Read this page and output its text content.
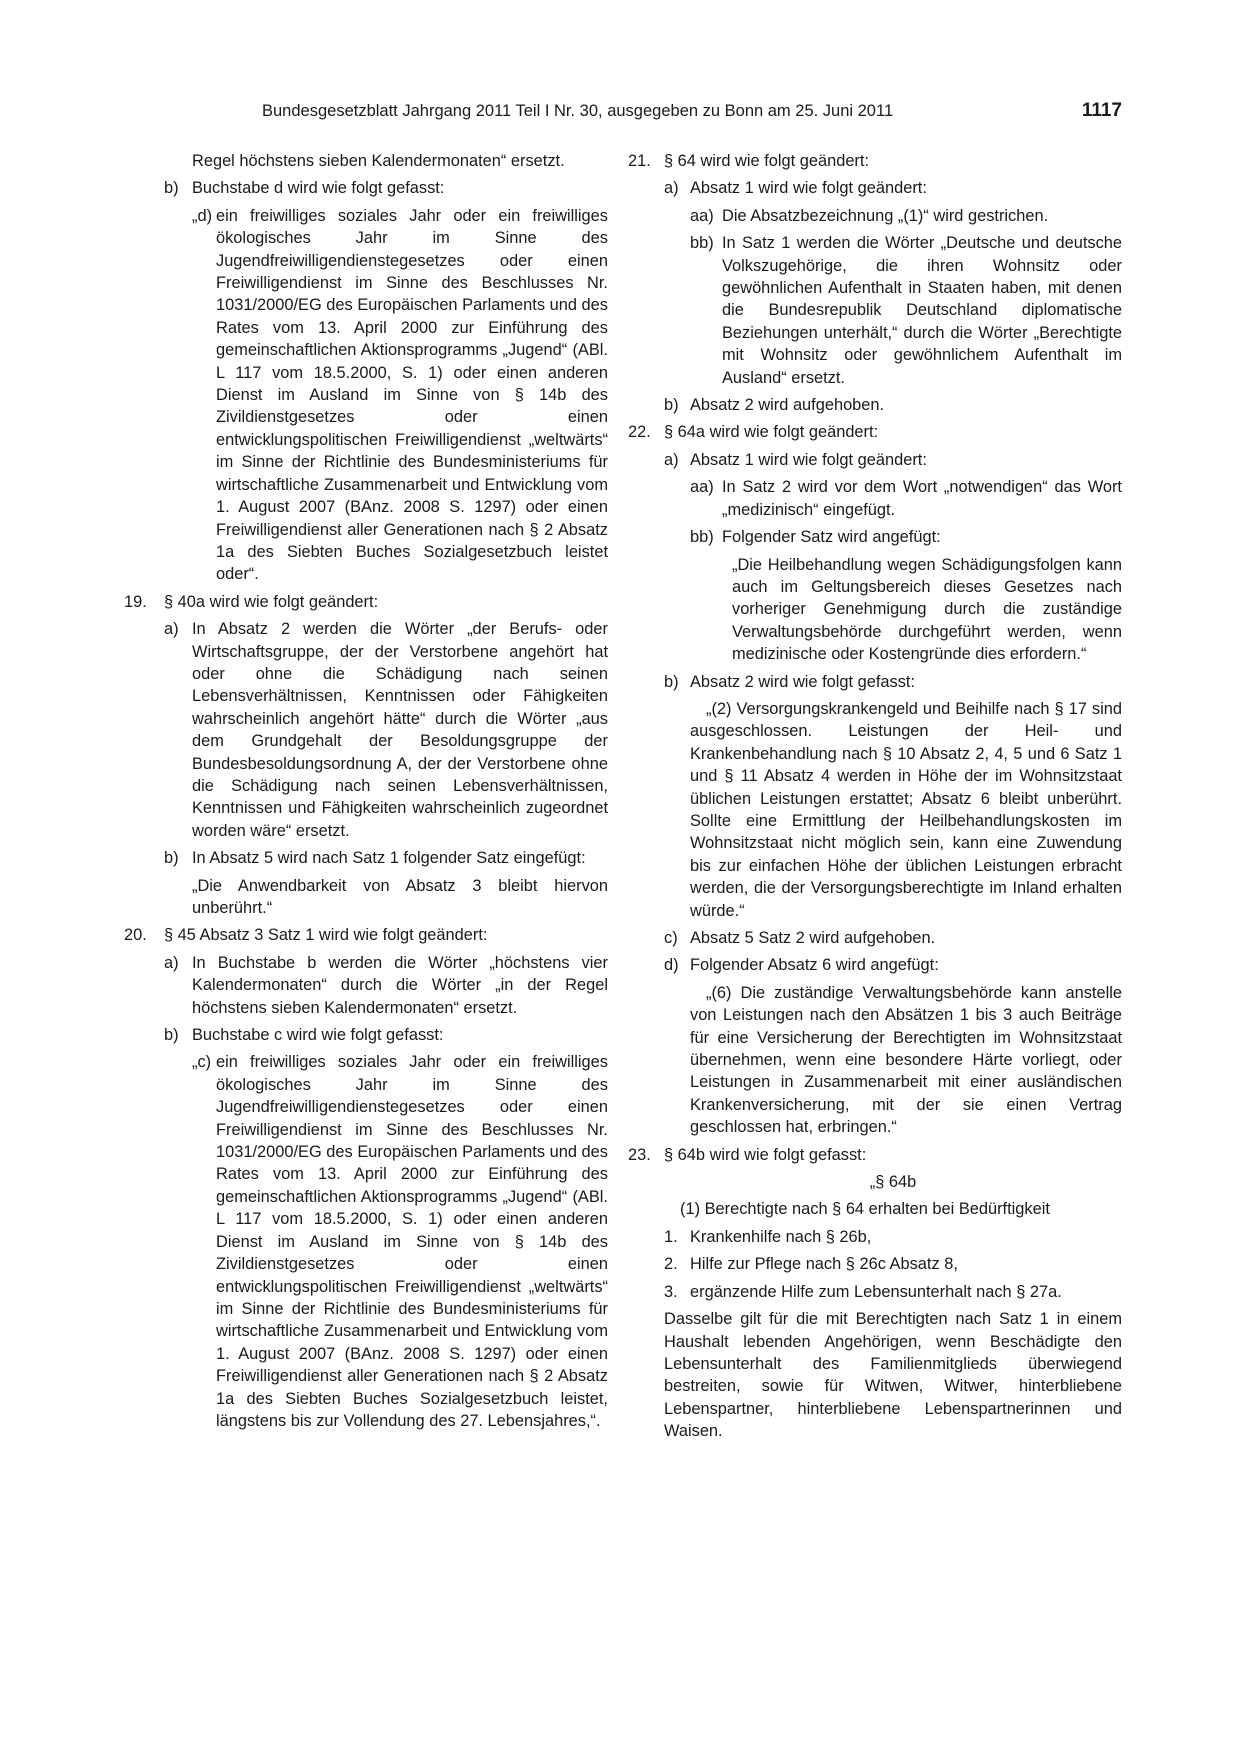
Bundesgesetzblatt Jahrgang 2011 Teil I Nr. 30, ausgegeben zu Bonn am 25. Juni 2011	1117

Regel höchstens sieben Kalendermonaten“ ersetzt.

b) Buchstabe d wird wie folgt gefasst:
„d) ein freiwilliges soziales Jahr oder ein freiwilliges ökologisches Jahr im Sinne des Jugendfreiwilligendienstegesetzes oder einen Freiwilligendienst im Sinne des Beschlusses Nr. 1031/2000/EG des Europäischen Parlaments und des Rates vom 13. April 2000 zur Einführung des gemeinschaftlichen Aktionsprogramms „Jugend“ (ABl. L 117 vom 18.5.2000, S. 1) oder einen anderen Dienst im Ausland im Sinne von § 14b des Zivildienstgesetzes oder einen entwicklungspolitischen Freiwilligendienst „weltwärts“ im Sinne der Richtlinie des Bundesministeriums für wirtschaftliche Zusammenarbeit und Entwicklung vom 1. August 2007 (BAnz. 2008 S. 1297) oder einen Freiwilligendienst aller Generationen nach § 2 Absatz 1a des Siebten Buches Sozialgesetzbuch leistet oder“.
19. § 40a wird wie folgt geändert:
a) In Absatz 2 werden die Wörter „der Berufs- oder Wirtschaftsgruppe, der der Verstorbene angehört hat oder ohne die Schädigung nach seinen Lebensverhältnissen, Kenntnissen oder Fähigkeiten wahrscheinlich angehört hätte“ durch die Wörter „aus dem Grundgehalt der Besoldungsgruppe der Bundesbesoldungsordnung A, der der Verstorbene ohne die Schädigung nach seinen Lebensverhältnissen, Kenntnissen und Fähigkeiten wahrscheinlich zugeordnet worden wäre“ ersetzt.
b) In Absatz 5 wird nach Satz 1 folgender Satz eingefügt:

„Die Anwendbarkeit von Absatz 3 bleibt hiervon unberührt.“

20. § 45 Absatz 3 Satz 1 wird wie folgt geändert:
a) In Buchstabe b werden die Wörter „höchstens vier Kalendermonaten“ durch die Wörter „in der Regel höchstens sieben Kalendermonaten“ ersetzt.
b) Buchstabe c wird wie folgt gefasst:
„c) ein freiwilliges soziales Jahr oder ein freiwilliges ökologisches Jahr im Sinne des Jugendfreiwilligendienstegesetzes oder einen Freiwilligendienst im Sinne des Beschlusses Nr. 1031/2000/EG des Europäischen Parlaments und des Rates vom 13. April 2000 zur Einführung des gemeinschaftlichen Aktionsprogramms „Jugend“ (ABl. L 117 vom 18.5.2000, S. 1) oder einen anderen Dienst im Ausland im Sinne von § 14b des Zivildienstgesetzes oder einen entwicklungspolitischen Freiwilligendienst „weltwärts“ im Sinne der Richtlinie des Bundesministeriums für wirtschaftliche Zusammenarbeit und Entwicklung vom 1. August 2007 (BAnz. 2008 S. 1297) oder einen Freiwilligendienst aller Generationen nach § 2 Absatz 1a des Siebten Buches Sozialgesetzbuch leistet, längstens bis zur Vollendung des 27. Lebensjahres,“.
21. § 64 wird wie folgt geändert:
a) Absatz 1 wird wie folgt geändert:
aa) Die Absatzbezeichnung „(1)“ wird gestrichen.
bb) In Satz 1 werden die Wörter „Deutsche und deutsche Volkszugehörige, die ihren Wohnsitz oder gewöhnlichen Aufenthalt in Staaten haben, mit denen die Bundesrepublik Deutschland diplomatische Beziehungen unterhält,“ durch die Wörter „Berechtigte mit Wohnsitz oder gewöhnlichem Aufenthalt im Ausland“ ersetzt.
b) Absatz 2 wird aufgehoben.
22. § 64a wird wie folgt geändert:
a) Absatz 1 wird wie folgt geändert:
aa) In Satz 2 wird vor dem Wort „notwendigen“ das Wort „medizinisch“ eingefügt.
bb) Folgender Satz wird angefügt:

„Die Heilbehandlung wegen Schädigungsfolgen kann auch im Geltungsbereich dieses Gesetzes nach vorheriger Genehmigung durch die zuständige Verwaltungsbehörde durchgeführt werden, wenn medizinische oder Kostengründe dies erfordern.“

b) Absatz 2 wird wie folgt gefasst:

„(2) Versorgungskrankengeld und Beihilfe nach § 17 sind ausgeschlossen. Leistungen der Heil- und Krankenbehandlung nach § 10 Absatz 2, 4, 5 und 6 Satz 1 und § 11 Absatz 4 werden in Höhe der im Wohnsitzstaat üblichen Leistungen erstattet; Absatz 6 bleibt unberührt. Sollte eine Ermittlung der Heilbehandlungskosten im Wohnsitzstaat nicht möglich sein, kann eine Zuwendung bis zur einfachen Höhe der üblichen Leistungen erbracht werden, die der Versorgungsberechtigte im Inland erhalten würde.“

c) Absatz 5 Satz 2 wird aufgehoben.
d) Folgender Absatz 6 wird angefügt:

„(6) Die zuständige Verwaltungsbehörde kann anstelle von Leistungen nach den Absätzen 1 bis 3 auch Beiträge für eine Versicherung der Berechtigten im Wohnsitzstaat übernehmen, wenn eine besondere Härte vorliegt, oder Leistungen in Zusammenarbeit mit einer ausländischen Krankenversicherung, mit der sie einen Vertrag geschlossen hat, erbringen.“

23. § 64b wird wie folgt gefasst:

„§ 64b

(1) Berechtigte nach § 64 erhalten bei Bedürftigkeit

1. Krankenhilfe nach § 26b,
2. Hilfe zur Pflege nach § 26c Absatz 8,
3. ergänzende Hilfe zum Lebensunterhalt nach § 27a.

Dasselbe gilt für die mit Berechtigten nach Satz 1 in einem Haushalt lebenden Angehörigen, wenn Beschädigte den Lebensunterhalt des Familienmitglieds überwiegend bestreiten, sowie für Witwen, Witwer, hinterbliebene Lebenspartner, hinterbliebene Lebenspartnerinnen und Waisen.
